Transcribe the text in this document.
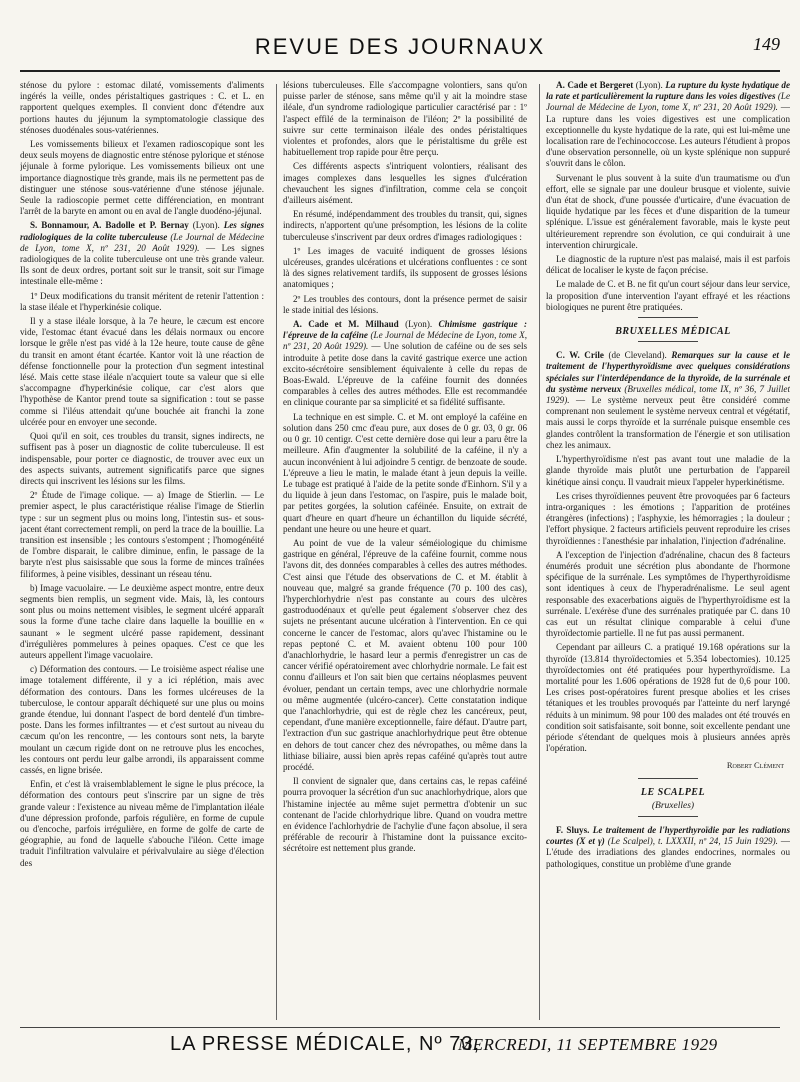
REVUE DES JOURNAUX	149

sténose du pylore : estomac dilaté, vomissements d'aliments ingérés la veille, ondes péristaltiques gastriques : C. et L. en rapportent quelques exemples. Il convient donc d'étendre aux portions hautes du jéjunum la symptomatologie classique des sténoses duodénales sous-vatériennes.

Les vomissements bilieux et l'examen radioscopique sont les deux seuls moyens de diagnostic entre sténose pylorique et sténose jéjunale à forme pylorique. Les vomissements bilieux ont une importance diagnostique très grande, mais ils ne permettent pas de distinguer une sténose sous-vatérienne d'une sténose jéjunale. Seule la radioscopie permet cette différenciation, en montrant l'arrêt de la baryte en amont ou en aval de l'angle duodéno-jéjunal.

S. Bonnamour, A. Badolle et P. Bernay (Lyon). Les signes radiologiques de la colite tuberculeuse (Le Journal de Médecine de Lyon, tome X, nº 231, 20 Août 1929). — Les signes radiologiques de la colite tuberculeuse ont une très grande valeur. Ils sont de deux ordres, portant soit sur le transit, soit sur l'image intestinale elle-même :

1º Deux modifications du transit méritent de retenir l'attention : la stase iléale et l'hyperkinésie colique.

Il y a stase iléale lorsque, à la 7e heure, le cæcum est encore vide, l'estomac étant évacué dans les délais normaux ou encore lorsque le grêle n'est pas vidé à la 12e heure, toute cause de gêne du transit en amont étant écartée. Kantor voit là une réaction de défense fonctionnelle pour la protection d'un segment intestinal lésé. Mais cette stase iléale n'acquiert toute sa valeur que si elle s'accompagne d'hyperkinésie colique, car c'est alors que l'hypothèse de Kantor prend toute sa signification : tout se passe comme si l'iléus attendait qu'une bouchée ait franchi la zone ulcérée pour en envoyer une seconde.

Quoi qu'il en soit, ces troubles du transit, signes indirects, ne suffisent pas à poser un diagnostic de colite tuberculeuse. Il est indispensable, pour porter ce diagnostic, de trouver avec eux un des aspects suivants, autrement significatifs parce que signes directs qui inscrivent les lésions sur les films.

2º Étude de l'image colique. — a) Image de Stierlin. — Le premier aspect, le plus caractéristique réalise l'image de Stierlin type : sur un segment plus ou moins long, l'intestin sus- et sous-jacent étant correctement rempli, on perd la trace de la bouillie. La transition est insensible ; les contours s'estompent ; l'homogénéité de l'ombre disparait, le calibre diminue, enfin, le passage de la baryte n'est plus saisissable que sous la forme de minces traînées filiformes, à peine visibles, dessinant un réseau ténu.

b) Image vacuolaire. — Le deuxième aspect montre, entre deux segments bien remplis, un segment vide. Mais, là, les contours sont plus ou moins nettement visibles, le segment ulcéré apparaît sous la forme d'une tache claire dans laquelle la bouillie en « saunant » le segment ulcéré passe rapidement, dessinant d'irrégulières pommelures à peines opaques. C'est ce que les auteurs appellent l'image vacuolaire.

c) Déformation des contours. — Le troisième aspect réalise une image totalement différente, il y a ici réplétion, mais avec déformation des contours. Dans les formes ulcéreuses de la tuberculose, le contour apparaît déchiqueté sur une plus ou moins grande étendue, lui donnant l'aspect de bord dentelé d'un timbre-poste. Dans les formes infiltrantes — et c'est surtout au niveau du cæcum qu'on les rencontre, — les contours sont nets, la baryte moulant un cæcum rigide dont on ne retrouve plus les encoches, les contours ont perdu leur galbe arrondi, ils apparaissent comme cassés, en ligne brisée.

Enfin, et c'est là vraisemblablement le signe le plus précoce, la déformation des contours peut s'inscrire par un signe de très grande valeur : l'existence au niveau même de l'implantation iléale d'une dépression profonde, parfois régulière, en forme de cupule ou d'encoche, parfois irrégulière, en forme de golfe de carte de géographie, au fond de laquelle s'abouche l'iléon. Cette image traduit l'infiltration valvulaire et périvalvulaire au siège d'élection des

lésions tuberculeuses. Elle s'accompagne volontiers, sans qu'on puisse parler de sténose, sans même qu'il y ait la moindre stase iléale, d'un syndrome radiologique particulier caractérisé par : 1º l'aspect effilé de la terminaison de l'iléon; 2º la possibilité de suivre sur cette terminaison iléale des ondes péristaltiques violentes et profondes, alors que le péristaltisme du grêle est habituellement trop rapide pour être perçu.

Ces différents aspects s'intriquent volontiers, réalisant des images complexes dans lesquelles les signes d'ulcération chevauchent les signes d'infiltration, comme cela se conçoit d'ailleurs aisément.

En résumé, indépendamment des troubles du transit, qui, signes indirects, n'apportent qu'une présomption, les lésions de la colite tuberculeuse s'inscrivent par deux ordres d'images radiologiques :

1º Les images de vacuité indiquent de grosses lésions ulcéreuses, grandes ulcérations et ulcérations confluentes : ce sont là des signes relativement tardifs, ils supposent de grosses lésions anatomiques ;

2º Les troubles des contours, dont la présence permet de saisir le stade initial des lésions.

A. Cade et M. Milhaud (Lyon). Chimisme gastrique : l'épreuve de la caféine (Le Journal de Médecine de Lyon, tome X, nº 231, 20 Août 1929). — Une solution de caféine ou de ses sels introduite à petite dose dans la cavité gastrique exerce une action excito-sécrétoire sensiblement équivalente à celle du repas de Boas-Ewald. L'épreuve de la caféine fournit des données comparables à celles des autres méthodes. Elle est recommandée en clinique courante par sa simplicité et sa fidélité suffisante.

La technique en est simple. C. et M. ont employé la caféine en solution dans 250 cmc d'eau pure, aux doses de 0 gr. 03, 0 gr. 06 ou 0 gr. 10 centigr. C'est cette dernière dose qui leur a paru être la meilleure. Afin d'augmenter la solubilité de la caféine, il n'y a aucun inconvénient à lui adjoindre 5 centigr. de benzoate de soude. L'épreuve a lieu le matin, le malade étant à jeun depuis la veille. Le tubage est pratiqué à l'aide de la petite sonde d'Einhorn. S'il y a du liquide à jeun dans l'estomac, on l'aspire, puis le malade boit, par petites gorgées, la solution caféinée. Ensuite, on extrait de quart d'heure en quart d'heure un échantillon du liquide sécrété, pendant une heure ou une heure et quart.

Au point de vue de la valeur séméiologique du chimisme gastrique en général, l'épreuve de la caféine fournit, comme nous l'avons dit, des données comparables à celles des autres méthodes. C'est ainsi que l'étude des observations de C. et M. établit à nouveau que, malgré sa grande fréquence (70 p. 100 des cas), l'hyperchlorhydrie n'est pas constante au cours des ulcères gastroduodénaux et qu'elle peut également s'observer chez des sujets ne présentant aucune ulcération à l'intervention. En ce qui concerne le cancer de l'estomac, alors qu'avec l'histamine ou le repas peptoné C. et M. avaient obtenu 100 pour 100 d'anachlorhydrie, le hasard leur a permis d'enregistrer un cas de cancer vérifié opératoirement avec chlorhydrie normale. Le fait est connu d'ailleurs et l'on sait bien que certains néoplasmes peuvent évoluer, pendant un certain temps, avec une chlorhydrie normale ou même augmentée (ulcéro-cancer). Cette constatation indique que l'anachlorhydrie, qui est de règle chez les cancéreux, peut, cependant, d'une manière exceptionnelle, faire défaut. D'autre part, l'extraction d'un suc gastrique anachlorhydrique peut être obtenue en dehors de tout cancer chez des névropathes, ou même dans la lithiase biliaire, aussi bien après repas caféiné qu'après tout autre procédé.

Il convient de signaler que, dans certains cas, le repas caféiné pourra provoquer la sécrétion d'un suc anachlorhydrique, alors que l'histamine injectée au même sujet permettra d'obtenir un suc contenant de l'acide chlorhydrique libre. Quand on voudra mettre en évidence l'achlorhydrie de l'achylie d'une façon absolue, il sera préférable de recourir à l'histamine dont la puissance excito-sécrétoire est nettement plus grande.

A. Cade et Bergeret (Lyon). La rupture du kyste hydatique de la rate et particulièrement la rupture dans les voies digestives (Le Journal de Médecine de Lyon, tome X, nº 231, 20 Août 1929). — La rupture dans les voies digestives est une complication exceptionnelle du kyste hydatique de la rate, qui est lui-même une localisation rare de l'echinococcose. Les auteurs l'étudient à propos d'une observation personnelle, où un kyste splénique non suppuré s'ouvrit dans le côlon.

Survenant le plus souvent à la suite d'un traumatisme ou d'un effort, elle se signale par une douleur brusque et violente, suivie d'un état de shock, d'une poussée d'urticaire, d'une évacuation de liquide hydatique par les fèces et d'une disparition de la tumeur splénique. L'issue est généralement favorable, mais le kyste peut ultérieurement reprendre son évolution, ce qui conduirait à une intervention chirurgicale.

Le diagnostic de la rupture n'est pas malaisé, mais il est parfois délicat de localiser le kyste de façon précise.

Le malade de C. et B. ne fit qu'un court séjour dans leur service, la proposition d'une intervention l'ayant effrayé et les réactions biologiques ne purent être pratiquées.

BRUXELLES MÉDICAL

C. W. Crile (de Cleveland). Remarques sur la cause et le traitement de l'hyperthyroïdisme avec quelques considérations spéciales sur l'interdépendance de la thyroïde, de la surrénale et du système nerveux (Bruxelles médical, tome IX, nº 36, 7 Juillet 1929). — Le système nerveux peut être considéré comme comprenant non seulement le système nerveux central et végétatif, mais aussi le corps thyroïde et la surrénale puisque ensemble ces glandes contrôlent la transformation de l'énergie et son utilisation chez les animaux.

L'hyperthyroïdisme n'est pas avant tout une maladie de la glande thyroïde mais plutôt une perturbation de l'appareil kinétique ainsi conçu. Il vaudrait mieux l'appeler hyperkinétisme.

Les crises thyroïdiennes peuvent être provoquées par 6 facteurs intra-organiques : les émotions ; l'apparition de protéines étrangères (infections) ; l'asphyxie, les hémorragies ; la douleur ; l'effort physique. 2 facteurs artificiels peuvent reproduire les crises thyroïdiennes : l'anesthésie par inhalation, l'injection d'adrénaline.

A l'exception de l'injection d'adrénaline, chacun des 8 facteurs énumérés produit une sécrétion plus abondante de l'hormone spécifique de la surrénale. Les symptômes de l'hyperthyroïdisme sont identiques à ceux de l'hyperadrénalisme. Le seul agent responsable des exacerbations aiguës de l'hyperthyroïdisme est la surrénale. L'exérèse d'une des surrénales pratiquée par C. dans 10 cas eut un résultat clinique comparable à celui d'une thyroïdectomie partielle. Il ne fut pas aussi permanent.

Cependant par ailleurs C. a pratiqué 19.168 opérations sur la thyroïde (13.814 thyroïdectomies et 5.354 lobectomies). 10.125 thyroïdectomies ont été pratiquées pour hyperthyroïdisme. La mortalité pour les 1.606 opérations de 1928 fut de 0,6 pour 100. Les crises post-opératoires furent presque abolies et les crises tétaniques et les troubles provoqués par l'atteinte du nerf laryngé réduits à un minimum. 98 pour 100 des malades ont été trouvés en condition soit satisfaisante, soit bonne, soit excellente pendant une période s'étendant de quelques mois à plusieurs années après l'opération.

Robert Clément

LE SCALPEL

(Bruxelles)

F. Sluys. Le traitement de l'hyperthyroïdie par les radiations courtes (X et γ) (Le Scalpel), t. LXXXII, nº 24, 15 Juin 1929). — L'étude des irradiations des glandes endocrines, normales ou pathologiques, constitue un problème d'une grande

LA PRESSE MÉDICALE, Nº 73,
MERCREDI, 11 SEPTEMBRE 1929
